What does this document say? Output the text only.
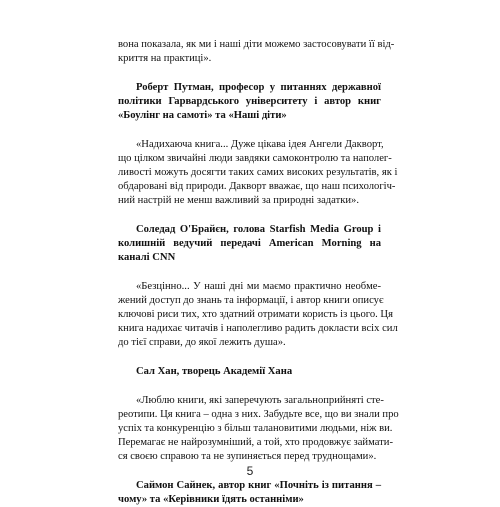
вона показала, як ми і наші діти можемо застосовувати її від-
криття на практиці».
Роберт Путман, професор у питаннях державної
політики Гарвардського університету і автор книг
«Боулінг на самоті» та «Наші діти»
«Надихаюча книга... Дуже цікава ідея Ангели Дакворт,
що цілком звичайні люди завдяки самоконтролю та наполег-
ливості можуть досягти таких самих високих результатів, як і
обдаровані від природи. Дакворт вважає, що наш психологіч-
ний настрій не менш важливий за природні задатки».
Соледад О'Брайєн, голова Starfish Media Group і
колишній ведучий передачі American Morning на
каналі CNN
«Безцінно... У наші дні ми маємо практично необме-
жений доступ до знань та інформації, і автор книги описує
ключові риси тих, хто здатний отримати користь із цього. Ця
книга надихає читачів і наполегливо радить докласти всіх сил
до тієї справи, до якої лежить душа».
Сал Хан, творець Академії Хана
«Люблю книги, які заперечують загальноприйняті сте-
реотипи. Ця книга – одна з них. Забудьте все, що ви знали про
успіх та конкуренцію з більш талановитими людьми, ніж ви.
Перемагає не найрозумніший, а той, хто продовжує займати-
ся своєю справою та не зупиняється перед труднощами».
Саймон Сайнек, автор книг «Почніть із питання –
чому» та «Керівники їдять останніми»
5
